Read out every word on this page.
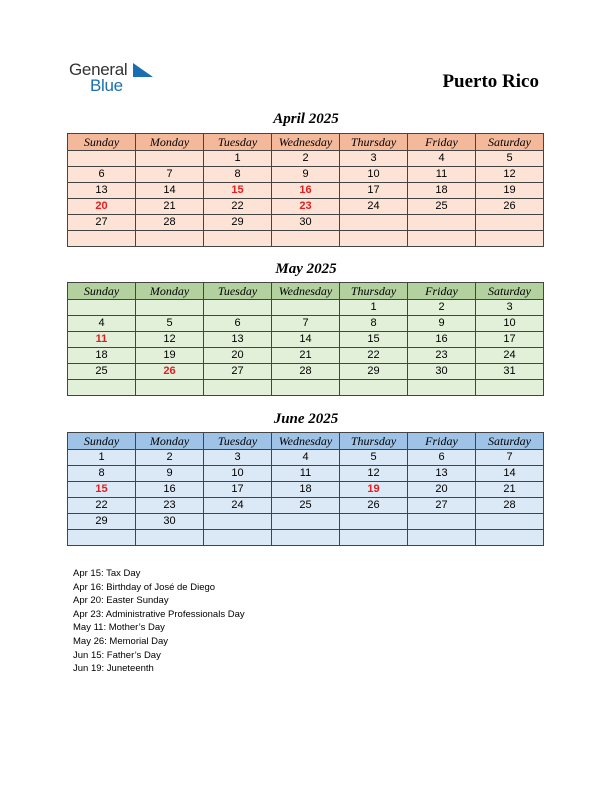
General
Blue	Puerto Rico
April 2025
Sunday	Monday	Tuesday	Wednesday	Thursday	Friday	Saturday
		1	2	3	4	5
6	7	8	9	10	11	12
13	14	15	16	17	18	19
20	21	22	23	24	25	26
27	28	29	30			

May 2025
Sunday	Monday	Tuesday	Wednesday	Thursday	Friday	Saturday
				1	2	3
4	5	6	7	8	9	10
11	12	13	14	15	16	17
18	19	20	21	22	23	24
25	26	27	28	29	30	31

June 2025
Sunday	Monday	Tuesday	Wednesday	Thursday	Friday	Saturday
1	2	3	4	5	6	7
8	9	10	11	12	13	14
15	16	17	18	19	20	21
22	23	24	25	26	27	28
29	30					

Apr 15: Tax Day
Apr 16: Birthday of José de Diego
Apr 20: Easter Sunday
Apr 23: Administrative Professionals Day
May 11: Mother’s Day
May 26: Memorial Day
Jun 15: Father’s Day
Jun 19: Juneteenth
